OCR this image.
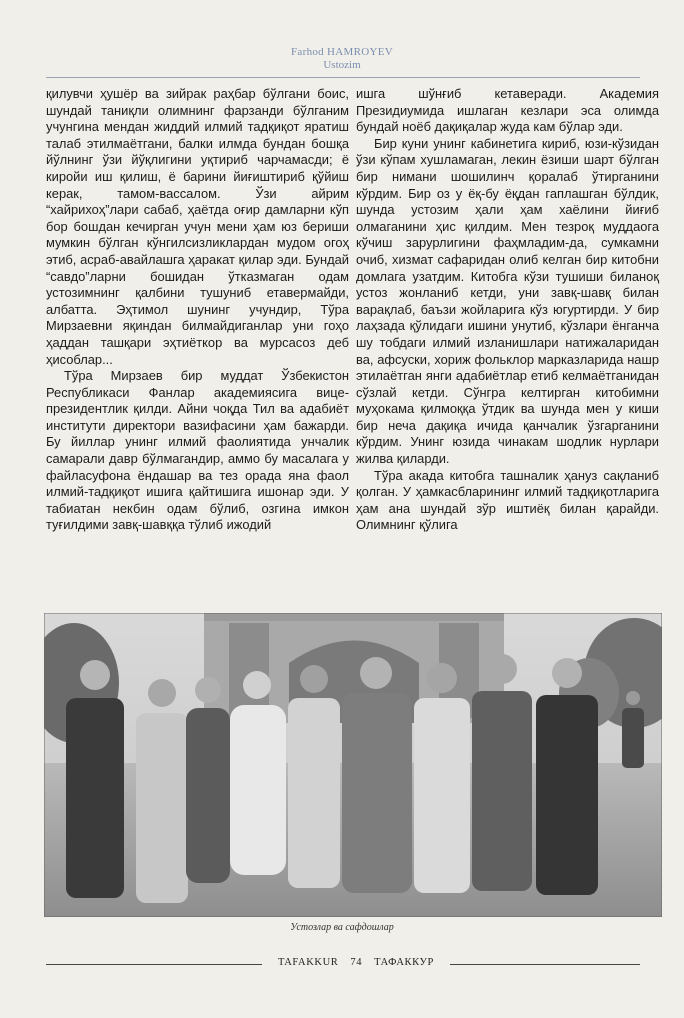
Farhod HAMROYEV
Ustozim

қилувчи ҳушёр ва зийрак раҳбар бўлгани боис, шундай таниқли олимнинг фарзанди бўлганим учунгина мендан жиддий илмий тадқиқот яратиш талаб этилмаётгани, балки илмда бундан бошқа йўлнинг ўзи йўқлигини уқтириб чарчамасди; ё киройи иш қилиш, ё барини йиғиштириб қўйиш керак, тамом-вассалом. Ўзи айрим “хайрихоҳ”лари сабаб, ҳаётда оғир дамларни кўп бор бошдан кечирган учун мени ҳам юз бериши мумкин бўлган кўнгилсизликлардан мудом огоҳ этиб, асраб-авайлашга ҳаракат қилар эди. Бундай “савдо”ларни бошидан ўтказмаган одам устозимнинг қалбини тушуниб етавермайди, албатта. Эҳтимол шунинг учундир, Тўра Мирзаевни яқиндан билмайдиганлар уни гоҳо ҳаддан ташқари эҳтиёткор ва мурсасоз деб ҳисоблар...

Тўра Мирзаев бир муддат Ўзбекистон Республикаси Фанлар академиясига вице-президентлик қилди. Айни чоқда Тил ва адабиёт институти директори вазифасини ҳам бажарди. Бу йиллар унинг илмий фаолиятида унчалик самарали давр бўлмагандир, аммо бу масалага у файласуфона ёндашар ва тез орада яна фаол илмий-тадқиқот ишига қайтишига ишонар эди. У табиатан некбин одам бўлиб, озгина имкон туғилдими завқ-шавққа тўлиб ижодий

ишга шўнғиб кетаверади. Академия Президиумида ишлаган кезлари эса олимда бундай ноёб дақиқалар жуда кам бўлар эди.

Бир куни унинг кабинетига кириб, юзи-кўзидан ўзи кўпам хушламаган, лекин ёзиши шарт бўлган бир нимани шошилинч қоралаб ўтирганини кўрдим. Бир оз у ёқ-бу ёқдан гаплашган бўлдик, шунда устозим ҳали ҳам хаёлини йиғиб олмаганини ҳис қилдим. Мен тезроқ муддаога кўчиш зарурлигини фаҳмладим-да, сумкамни очиб, хизмат сафаридан олиб келган бир китобни домлага узатдим. Китобга кўзи тушиши биланоқ устоз жонланиб кетди, уни завқ-шавқ билан варақлаб, баъзи жойларига кўз югуртирди. У бир лаҳзада қўлидаги ишини унутиб, кўзлари ёнганча шу тобдаги илмий изланишлари натижаларидан ва, афсуски, хориж фольклор марказларида нашр этилаётган янги адабиётлар етиб келмаётганидан сўзлай кетди. Сўнгра келтирган китобимни муҳокама қилмоққа ўтдик ва шунда мен у киши бир неча дақиқа ичида қанчалик ўзгарганини кўрдим. Унинг юзида чинакам шодлик нурлари жилва қиларди.

Тўра акада китобга ташналик ҳануз сақланиб қолган. У ҳамкасбларининг илмий тадқиқотларига ҳам ана шундай зўр иштиёқ билан қарайди. Олимнинг қўлига

Устозлар ва сафдошлар
TAFAKKUR 74 ТАФАККУР
